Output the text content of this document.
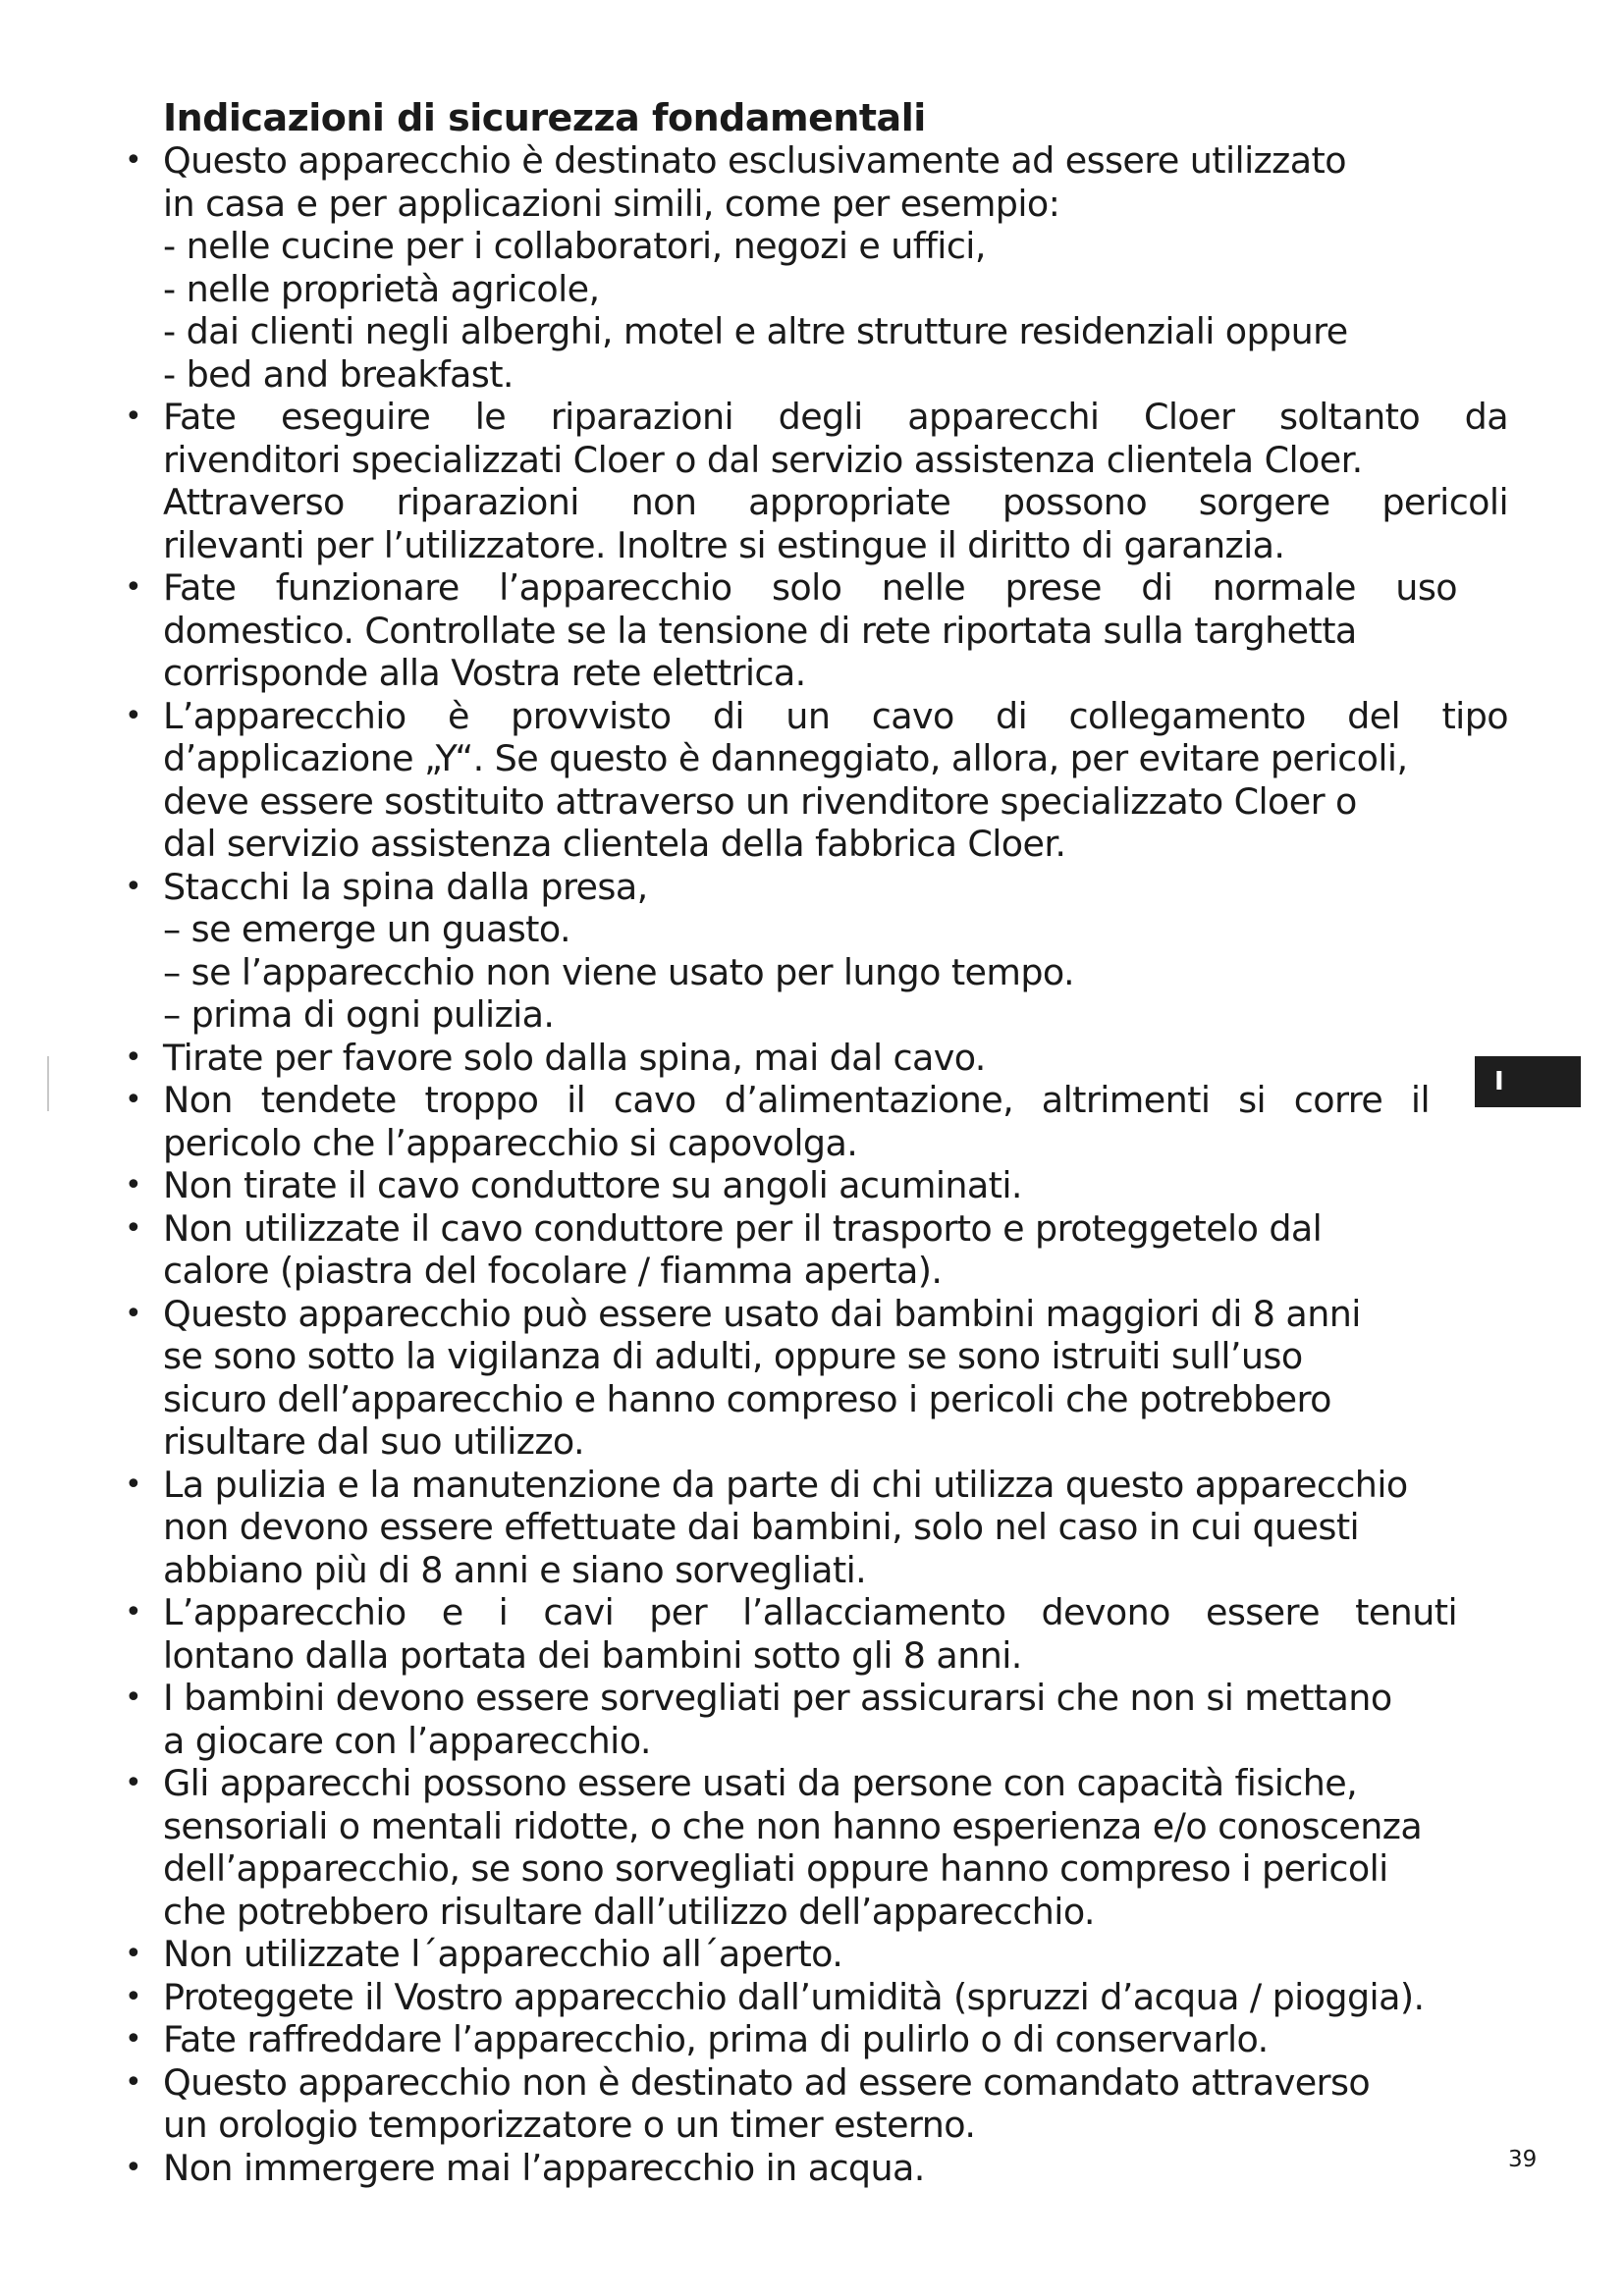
Indicazioni di sicurezza fondamentali
• Questo apparecchio è destinato esclusivamente ad essere utilizzato
in casa e per applicazioni simili, come per esempio:
- nelle cucine per i collaboratori, negozi e uffici,
- nelle proprietà agricole,
- dai clienti negli alberghi, motel e altre strutture residenziali oppure
- bed and breakfast.
• Fate eseguire le riparazioni degli apparecchi Cloer soltanto da
rivenditori specializzati Cloer o dal servizio assistenza clientela Cloer.
Attraverso riparazioni non appropriate possono sorgere pericoli
rilevanti per l’utilizzatore. Inoltre si estingue il diritto di garanzia.
• Fate funzionare l’apparecchio solo nelle prese di normale uso
domestico. Controllate se la tensione di rete riportata sulla targhetta
corrisponde alla Vostra rete elettrica.
• L’apparecchio è provvisto di un cavo di collegamento del tipo
d’applicazione „Y“. Se questo è danneggiato, allora, per evitare pericoli,
deve essere sostituito attraverso un rivenditore specializzato Cloer o
dal servizio assistenza clientela della fabbrica Cloer.
• Stacchi la spina dalla presa,
– se emerge un guasto.
– se l’apparecchio non viene usato per lungo tempo.
– prima di ogni pulizia.
• Tirate per favore solo dalla spina, mai dal cavo.
• Non tendete troppo il cavo d’alimentazione, altrimenti si corre il
pericolo che l’apparecchio si capovolga.
• Non tirate il cavo conduttore su angoli acuminati.
• Non utilizzate il cavo conduttore per il trasporto e proteggetelo dal
calore (piastra del focolare / fiamma aperta).
• Questo apparecchio può essere usato dai bambini maggiori di 8 anni
se sono sotto la vigilanza di adulti, oppure se sono istruiti sull’uso
sicuro dell’apparecchio e hanno compreso i pericoli che potrebbero
risultare dal suo utilizzo.
• La pulizia e la manutenzione da parte di chi utilizza questo apparecchio
non devono essere effettuate dai bambini, solo nel caso in cui questi
abbiano più di 8 anni e siano sorvegliati.
• L’apparecchio e i cavi per l’allacciamento devono essere tenuti
lontano dalla portata dei bambini sotto gli 8 anni.
• I bambini devono essere sorvegliati per assicurarsi che non si mettano
a giocare con l’apparecchio.
• Gli apparecchi possono essere usati da persone con capacità fisiche,
sensoriali o mentali ridotte, o che non hanno esperienza e/o conoscenza
dell’apparecchio, se sono sorvegliati oppure hanno compreso i pericoli
che potrebbero risultare dall’utilizzo dell’apparecchio.
• Non utilizzate l´apparecchio all´aperto.
• Proteggete il Vostro apparecchio dall’umidità (spruzzi d’acqua / pioggia).
• Fate raffreddare l’apparecchio, prima di pulirlo o di conservarlo.
• Questo apparecchio non è destinato ad essere comandato attraverso
un orologio temporizzatore o un timer esterno.
• Non immergere mai l’apparecchio in acqua.
I
39
